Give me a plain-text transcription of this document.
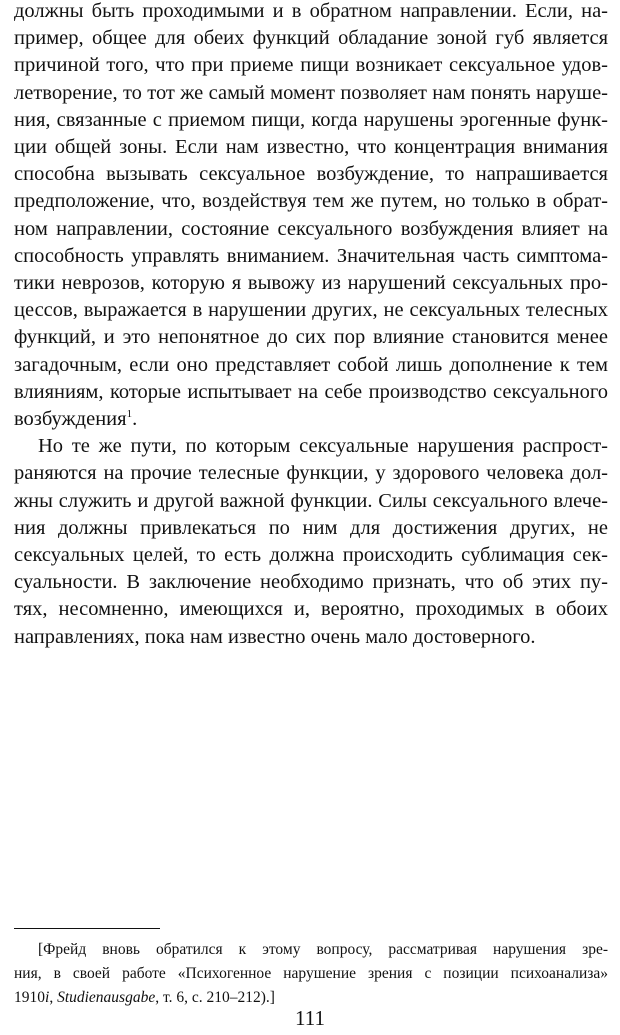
должны быть проходимыми и в обратном направлении. Если, на-
пример, общее для обеих функций обладание зоной губ является
причиной того, что при приеме пищи возникает сексуальное удов-
летворение, то тот же самый момент позволяет нам понять наруше-
ния, связанные с приемом пищи, когда нарушены эрогенные функ-
ции общей зоны. Если нам известно, что концентрация внимания
способна вызывать сексуальное возбуждение, то напрашивается
предположение, что, воздействуя тем же путем, но только в обрат-
ном направлении, состояние сексуального возбуждения влияет на
способность управлять вниманием. Значительная часть симптома-
тики неврозов, которую я вывожу из нарушений сексуальных про-
цессов, выражается в нарушении других, не сексуальных телесных
функций, и это непонятное до сих пор влияние становится менее
загадочным, если оно представляет собой лишь дополнение к тем
влияниям, которые испытывает на себе производство сексуального
возбуждения$^1$.
Но те же пути, по которым сексуальные нарушения распрост-
раняются на прочие телесные функции, у здорового человека дол-
жны служить и другой важной функции. Силы сексуального влече-
ния должны привлекаться по ним для достижения других, не
сексуальных целей, то есть должна происходить сублимация сек-
суальности. В заключение необходимо признать, что об этих пу-
тях, несомненно, имеющихся и, вероятно, проходимых в обоих
направлениях, пока нам известно очень мало достоверного.
[Фрейд вновь обратился к этому вопросу, рассматривая нарушения зре-
ния, в своей работе «Психогенное нарушение зрения с позиции психоанализа»
1910i, Studienausgabe, т. 6, с. 210–212).]
111
